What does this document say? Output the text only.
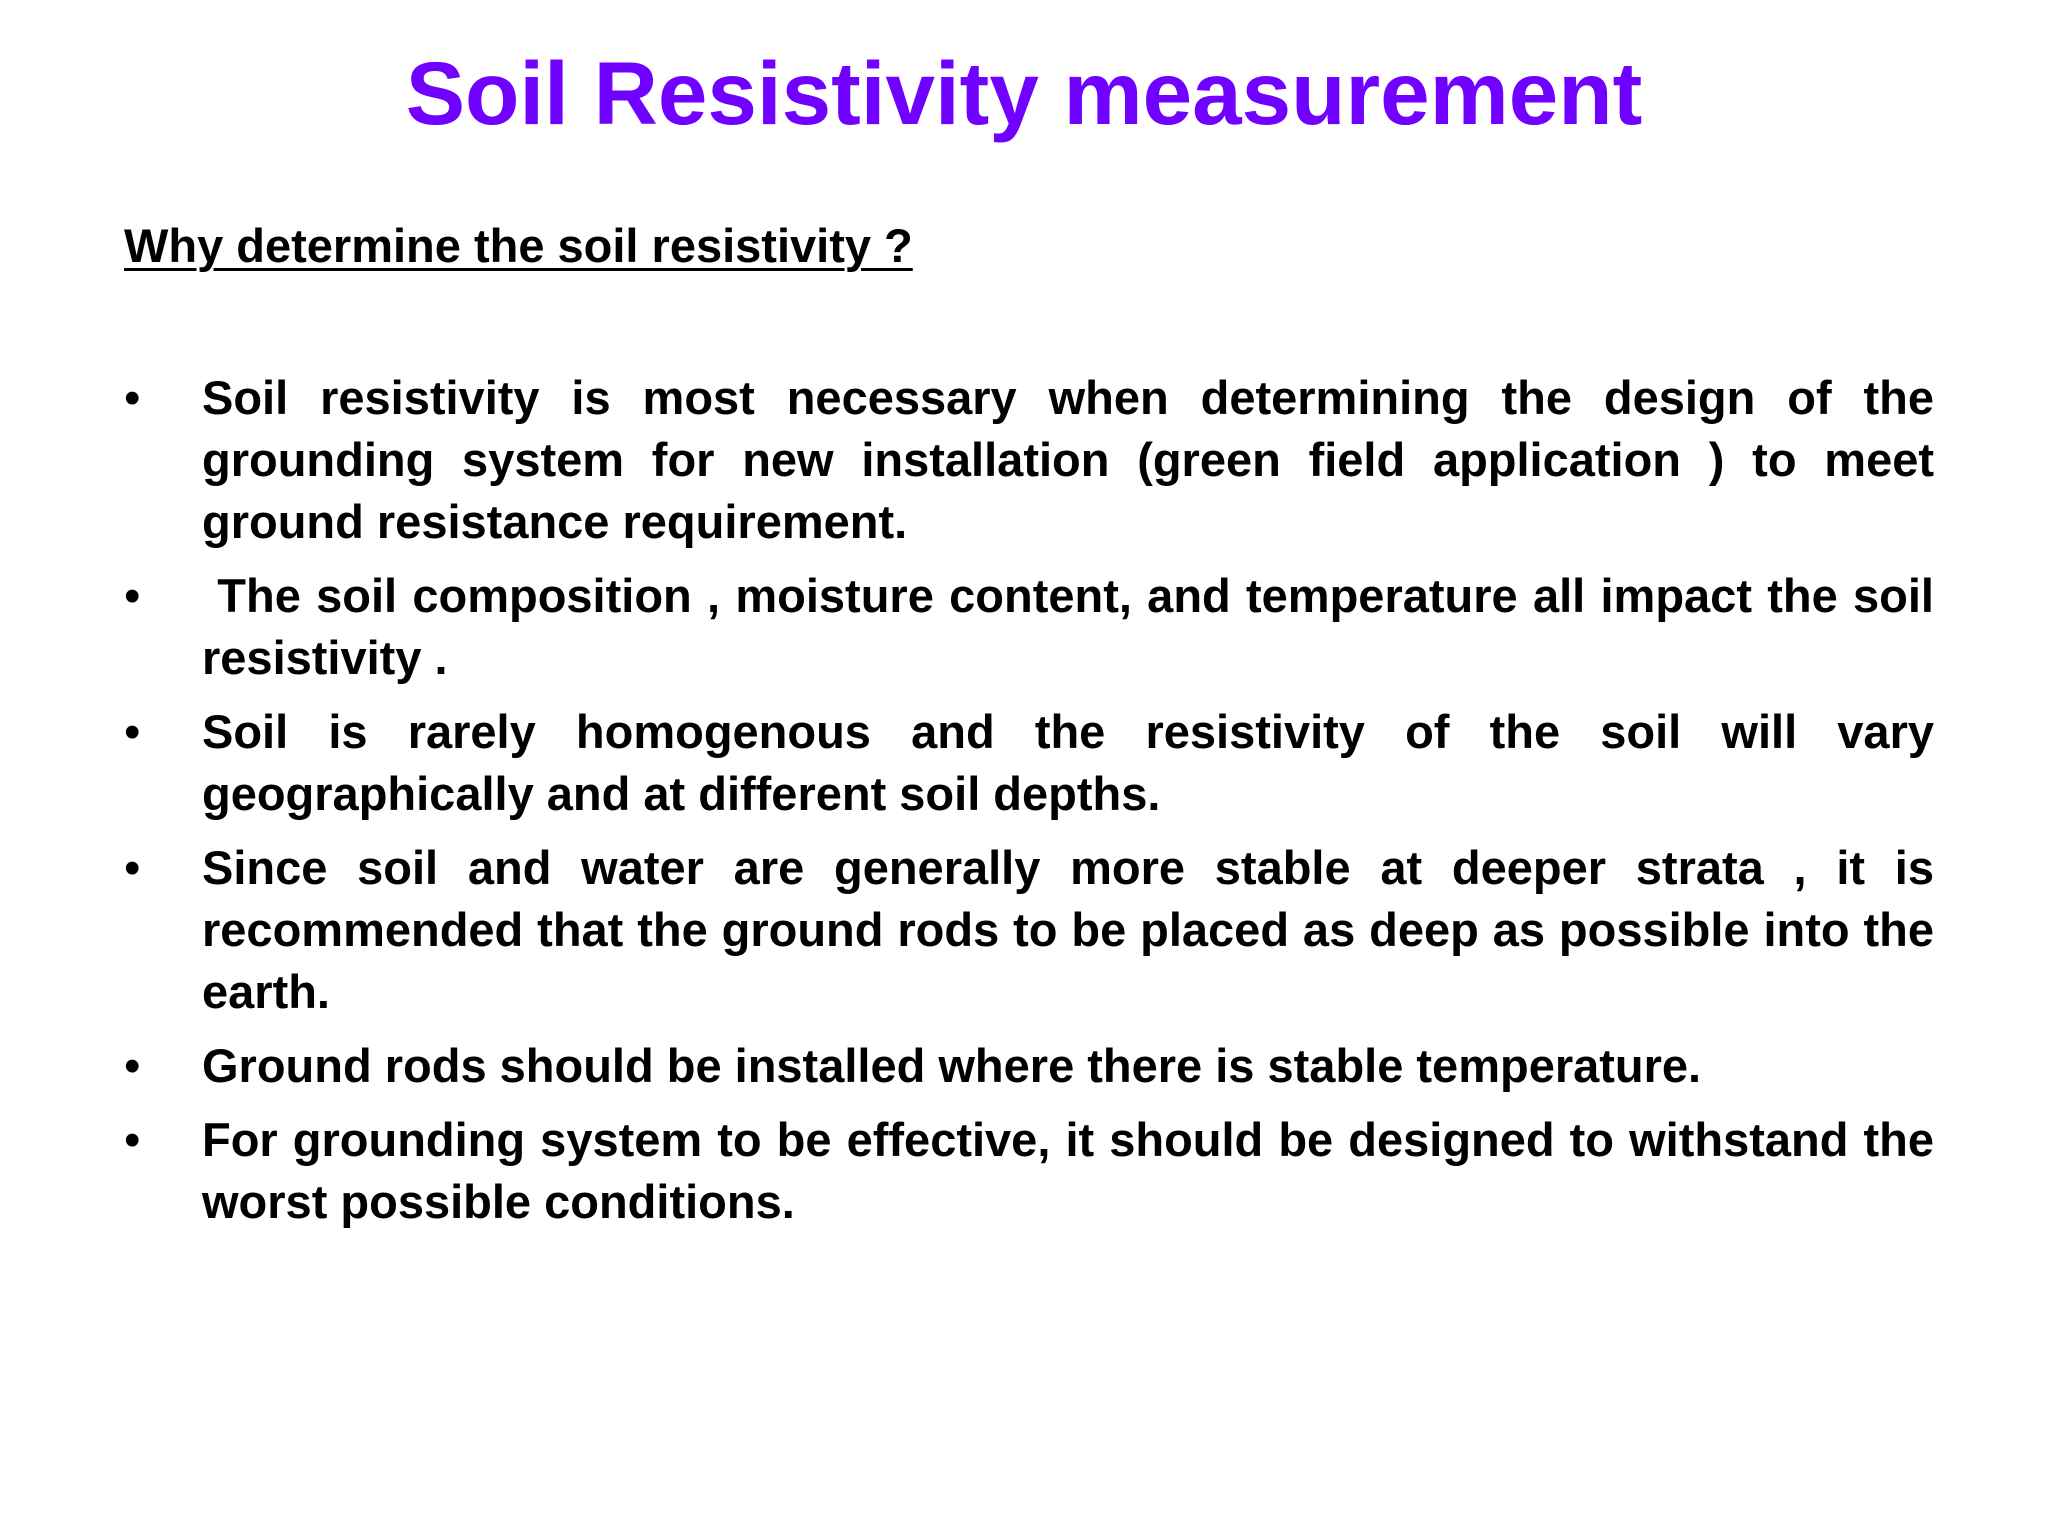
Soil Resistivity measurement
Why determine the soil resistivity ?
• Soil resistivity is most necessary when determining the design of the grounding system for new installation (green field application ) to meet ground resistance requirement.
• The soil composition , moisture content, and temperature all impact the soil resistivity .
• Soil is rarely homogenous and the resistivity of the soil will vary geographically and at different soil depths.
• Since soil and water are generally more stable at deeper strata , it is recommended that the ground rods to be placed as deep as possible into the earth.
• Ground rods should be installed where there is stable temperature.
• For grounding system to be effective, it should be designed to withstand the worst possible conditions.
